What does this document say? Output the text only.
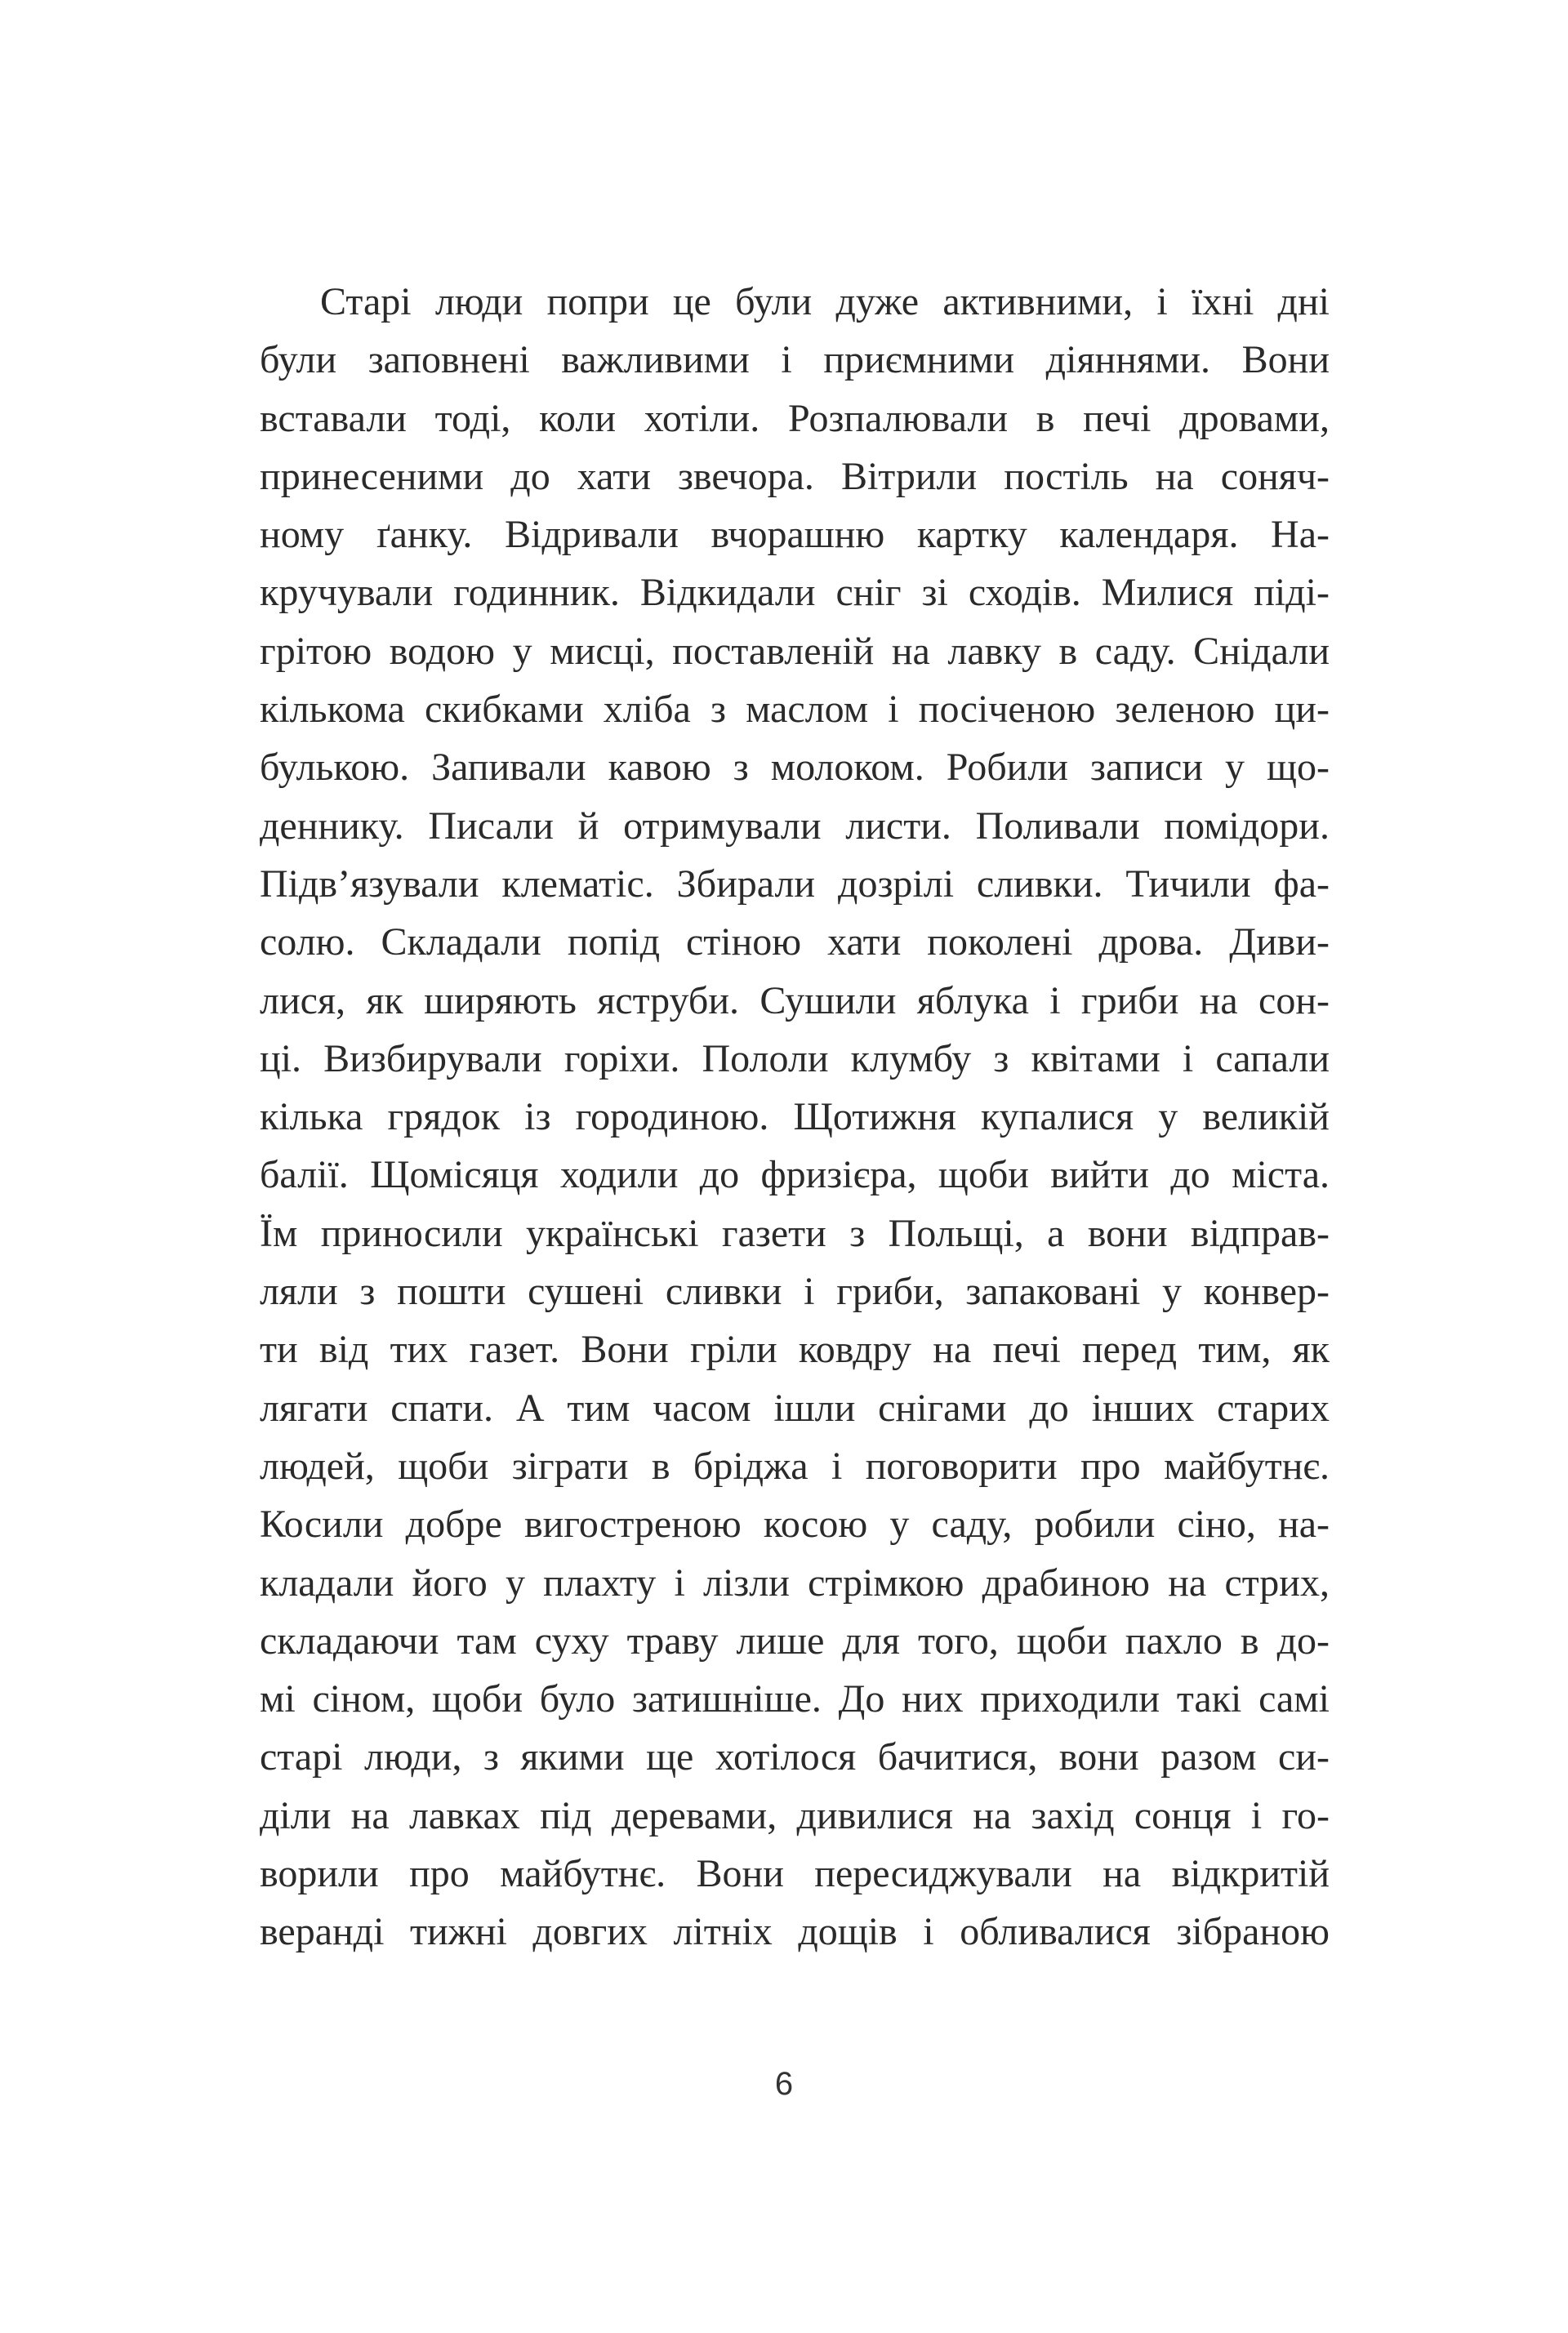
Старі люди попри це були дуже активними, і їхні дні
були заповнені важливими і приємними діяннями. Вони
вставали тоді, коли хотіли. Розпалювали в печі дровами,
принесеними до хати звечора. Вітрили постіль на соняч-
ному ґанку. Відривали вчорашню картку календаря. На-
кручували годинник. Відкидали сніг зі сходів. Милися піді-
грітою водою у мисці, поставленій на лавку в саду. Снідали
кількома скибками хліба з маслом і посіченою зеленою ци-
булькою. Запивали кавою з молоком. Робили записи у що-
деннику. Писали й отримували листи. Поливали помідори.
Підв’язували клематіс. Збирали дозрілі сливки. Тичили фа-
солю. Складали попід стіною хати поколені дрова. Диви-
лися, як ширяють яструби. Сушили яблука і гриби на сон-
ці. Визбирували горіхи. Пололи клумбу з квітами і сапали
кілька грядок із городиною. Щотижня купалися у великій
балії. Щомісяця ходили до фризієра, щоби вийти до міста.
Їм приносили українські газети з Польщі, а вони відправ-
ляли з пошти сушені сливки і гриби, запаковані у конвер-
ти від тих газет. Вони гріли ковдру на печі перед тим, як
лягати спати. А тим часом ішли снігами до інших старих
людей, щоби зіграти в бріджа і поговорити про майбутнє.
Косили добре вигостреною косою у саду, робили сіно, на-
кладали його у плахту і лізли стрімкою драбиною на стрих,
складаючи там суху траву лише для того, щоби пахло в до-
мі сіном, щоби було затишніше. До них приходили такі самі
старі люди, з якими ще хотілося бачитися, вони разом си-
діли на лавках під деревами, дивилися на захід сонця і го-
ворили про майбутнє. Вони пересиджували на відкритій
веранді тижні довгих літніх дощів і обливалися зібраною
6
